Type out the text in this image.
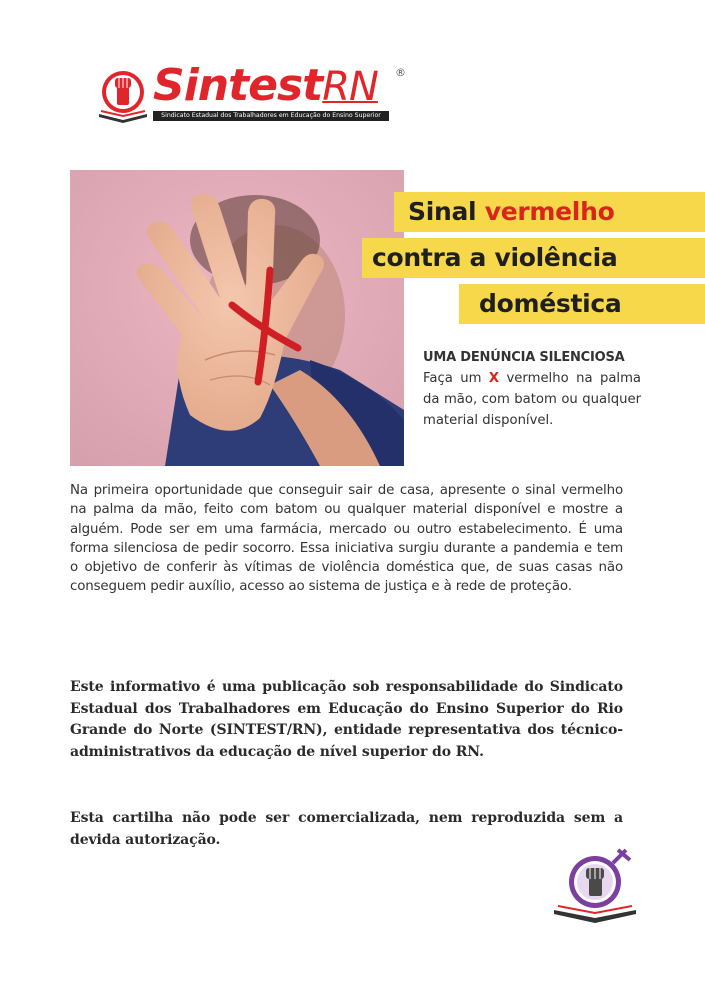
SintestRN ®
Sindicato Estadual dos Trabalhadores em Educação do Ensino Superior
Sinal vermelho
contra a violência
doméstica

UMA DENÚNCIA SILENCIOSA

Faça um X vermelho na palma da mão, com batom ou qualquer material disponível.

Na primeira oportunidade que conseguir sair de casa, apresente o sinal vermelho na palma da mão, feito com batom ou qualquer material disponível e mostre a alguém. Pode ser em uma farmácia, mercado ou outro estabelecimento. É uma forma silenciosa de pedir socorro. Essa iniciativa surgiu durante a pandemia e tem o objetivo de conferir às vítimas de violência doméstica que, de suas casas não conseguem pedir auxílio, acesso ao sistema de justiça e à rede de proteção.

Este informativo é uma publicação sob responsabilidade do Sindicato Estadual dos Trabalhadores em Educação do Ensino Superior do Rio Grande do Norte (SINTEST/RN), entidade representativa dos técnico-administrativos da educação de nível superior do RN.

Esta cartilha não pode ser comercializada, nem reproduzida sem a devida autorização.
